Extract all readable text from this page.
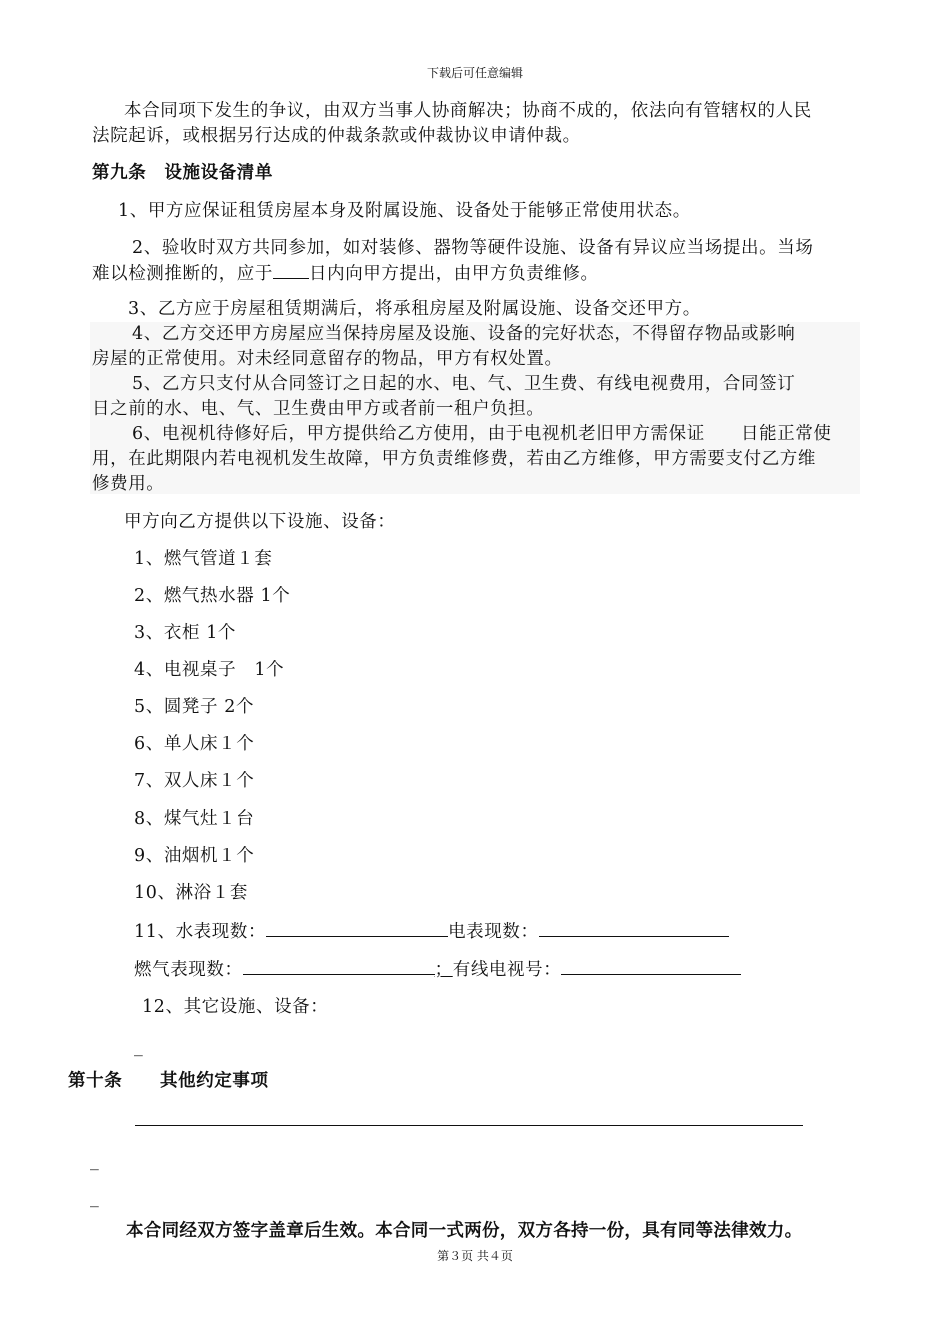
下载后可任意编辑
本合同项下发生的争议，由双方当事人协商解决；协商不成的，依法向有管辖权的人民
法院起诉，或根据另行达成的仲裁条款或仲裁协议申请仲裁。
第九条　设施设备清单
1、甲方应保证租赁房屋本身及附属设施、设备处于能够正常使用状态。
2、验收时双方共同参加，如对装修、器物等硬件设施、设备有异议应当场提出。当场
难以检测推断的，应于 日内向甲方提出，由甲方负责维修。
3、乙方应于房屋租赁期满后，将承租房屋及附属设施、设备交还甲方。
4、乙方交还甲方房屋应当保持房屋及设施、设备的完好状态，不得留存物品或影响
房屋的正常使用。对未经同意留存的物品，甲方有权处置。
5、乙方只支付从合同签订之日起的水、电、气、卫生费、有线电视费用，合同签订
日之前的水、电、气、卫生费由甲方或者前一租户负担。
6、电视机待修好后，甲方提供给乙方使用，由于电视机老旧甲方需保证　　日能正常使
用，在此期限内若电视机发生故障，甲方负责维修费，若由乙方维修，甲方需要支付乙方维
修费用。
甲方向乙方提供以下设施、设备：
1、燃气管道１套
2、燃气热水器 1个
3、衣柜 1个
4、电视桌子　1个
5、圆凳子 2个
6、单人床１个
7、双人床１个
8、煤气灶１台
9、油烟机１个
10、淋浴１套
11、水表现数：	电表现数：
燃气表现数：	；有线电视号：
12、其它设施、设备：
_
第十条 其他约定事项
_
_
本合同经双方签字盖章后生效。本合同一式两份，双方各持一份，具有同等法律效力。
第３页 共４页
